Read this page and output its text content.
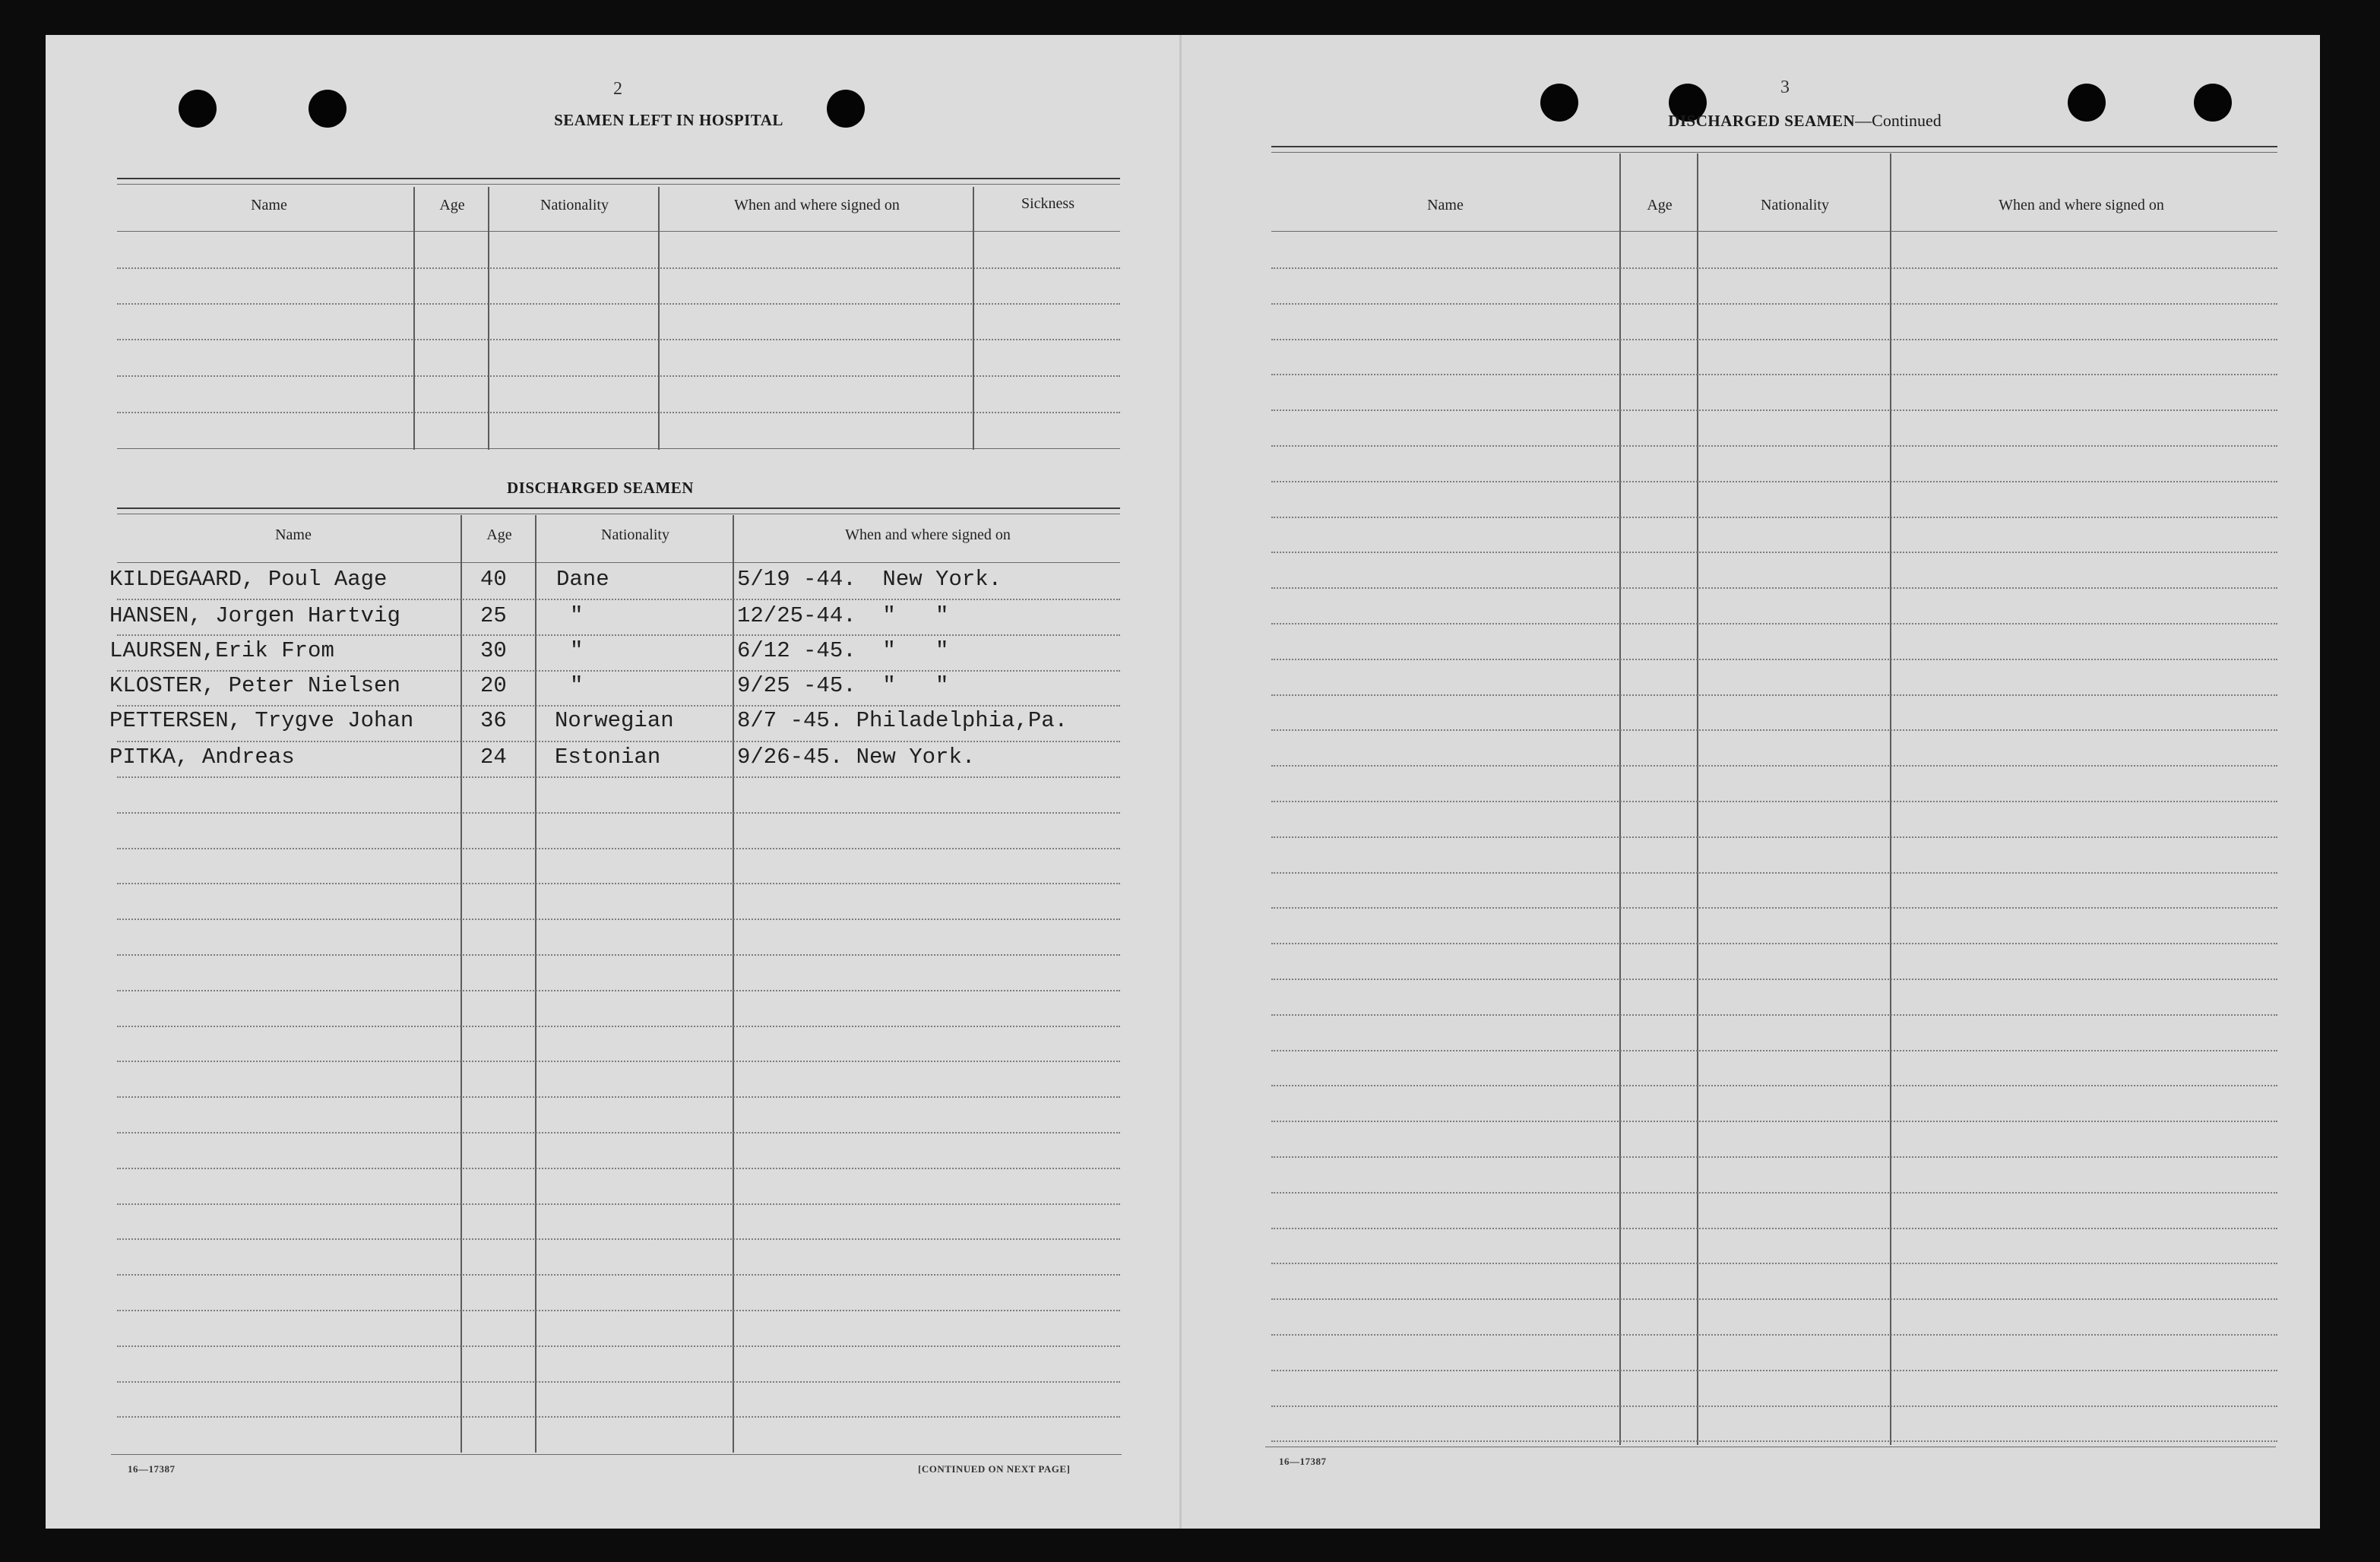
2
SEAMEN LEFT IN HOSPITAL
Name	Age	Nationality	When and where signed on	Sickness
DISCHARGED SEAMEN
Name	Age	Nationality	When and where signed on
KILDEGAARD, Poul Aage	40 Dane	5/19 -44.  New York.
HANSEN, Jorgen Hartvig	25	"	12/25-44.  "   "
LAURSEN,Erik From	30	"	6/12 -45.  "   "
KLOSTER, Peter Nielsen	20	"	9/25 -45.  "   "
PETTERSEN, Trygve Johan	36 Norwegian	8/7 -45. Philadelphia,Pa.
PITKA, Andreas	24 Estonian	9/26-45. New York.
16—17387	[CONTINUED ON NEXT PAGE]
3
DISCHARGED SEAMEN—Continued
Name	Age	Nationality	When and where signed on
16—17387
